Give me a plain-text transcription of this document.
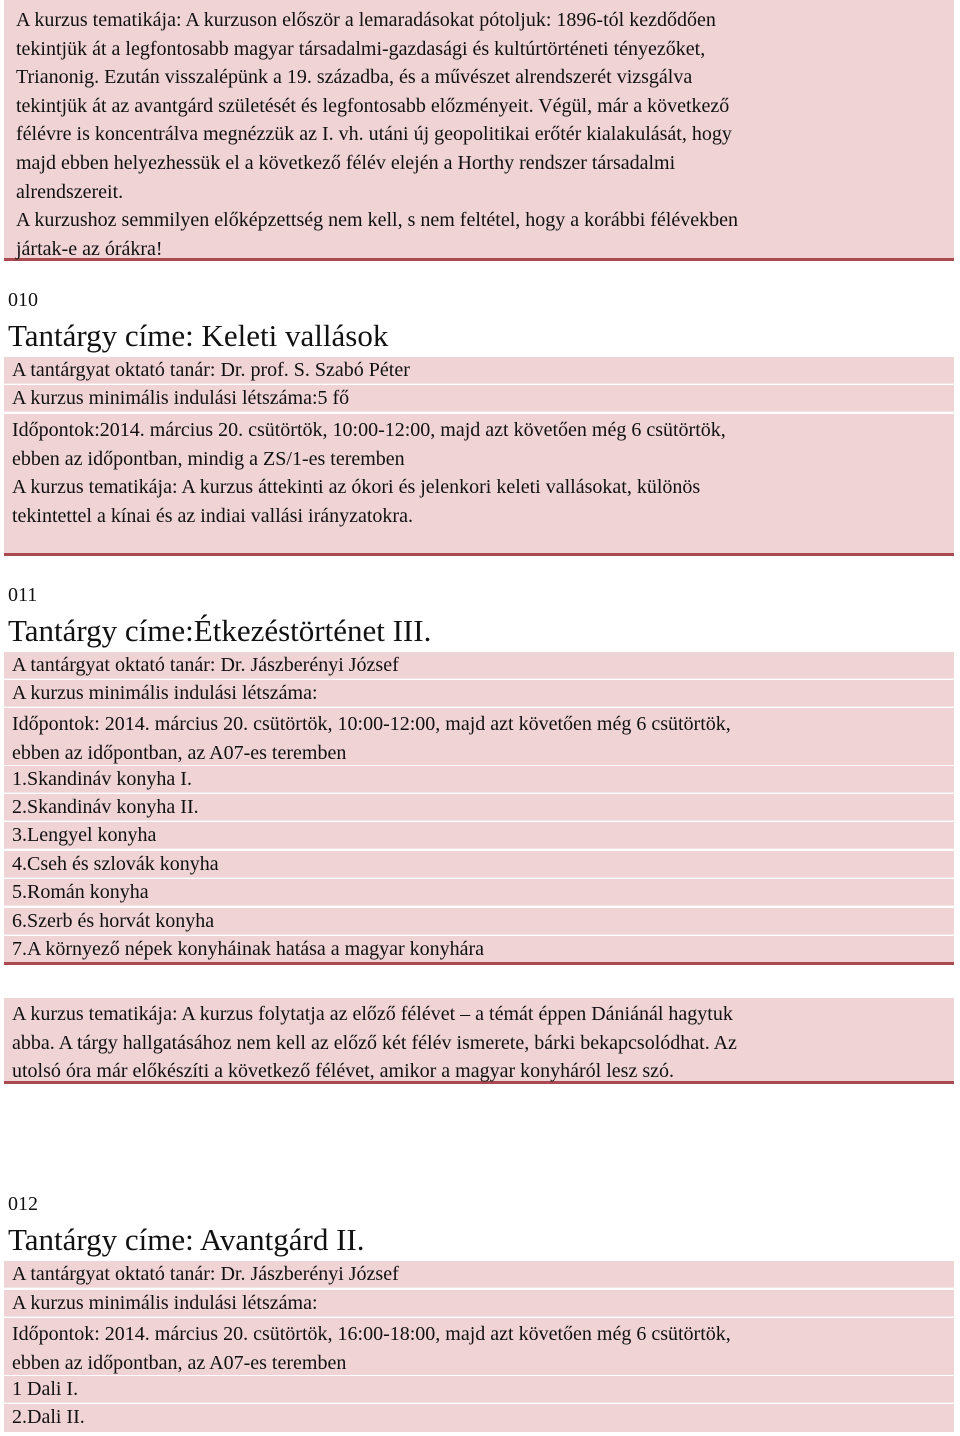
A kurzus tematikája: A kurzuson először a lemaradásokat pótoljuk: 1896-tól kezdődően
tekintjük át a legfontosabb magyar társadalmi-gazdasági és kultúrtörténeti tényezőket,
Trianonig. Ezután visszalépünk a 19. századba, és a művészet alrendszerét vizsgálva
tekintjük át az avantgárd születését és legfontosabb előzményeit. Végül, már a következő
félévre is koncentrálva megnézzük az I. vh. utáni új geopolitikai erőtér kialakulását, hogy
majd ebben helyezhessük el a következő félév elején a Horthy rendszer társadalmi
alrendszereit.
A kurzushoz semmilyen előképzettség nem kell, s nem feltétel, hogy a korábbi félévekben
jártak-e az órákra!
010
Tantárgy címe: Keleti vallások
A tantárgyat oktató tanár: Dr. prof. S. Szabó Péter
A kurzus minimális indulási létszáma:5 fő
Időpontok:2014. március 20. csütörtök, 10:00-12:00, majd azt követően még 6 csütörtök,
ebben az időpontban, mindig a ZS/1-es teremben
A kurzus tematikája: A kurzus áttekinti az ókori és jelenkori keleti vallásokat, különös
tekintettel a kínai és az indiai vallási irányzatokra.
011
Tantárgy címe:Étkezéstörténet III.
A tantárgyat oktató tanár: Dr. Jászberényi József
A kurzus minimális indulási létszáma:
Időpontok: 2014. március 20. csütörtök, 10:00-12:00, majd azt követően még 6 csütörtök,
ebben az időpontban, az A07-es teremben
1.Skandináv konyha I.
2.Skandináv konyha II.
3.Lengyel konyha
4.Cseh és szlovák konyha
5.Román konyha
6.Szerb és horvát konyha
7.A környező népek konyháinak hatása a magyar konyhára
A kurzus tematikája: A kurzus folytatja az előző félévet – a témát éppen Dániánál hagytuk
abba. A tárgy hallgatásához nem kell az előző két félév ismerete, bárki bekapcsolódhat. Az
utolsó óra már előkészíti a következő félévet, amikor a magyar konyháról lesz szó.
012
Tantárgy címe: Avantgárd II.
A tantárgyat oktató tanár: Dr. Jászberényi József
A kurzus minimális indulási létszáma:
Időpontok: 2014. március 20. csütörtök, 16:00-18:00, majd azt követően még 6 csütörtök,
ebben az időpontban, az A07-es teremben
1 Dali I.
2.Dali II.
